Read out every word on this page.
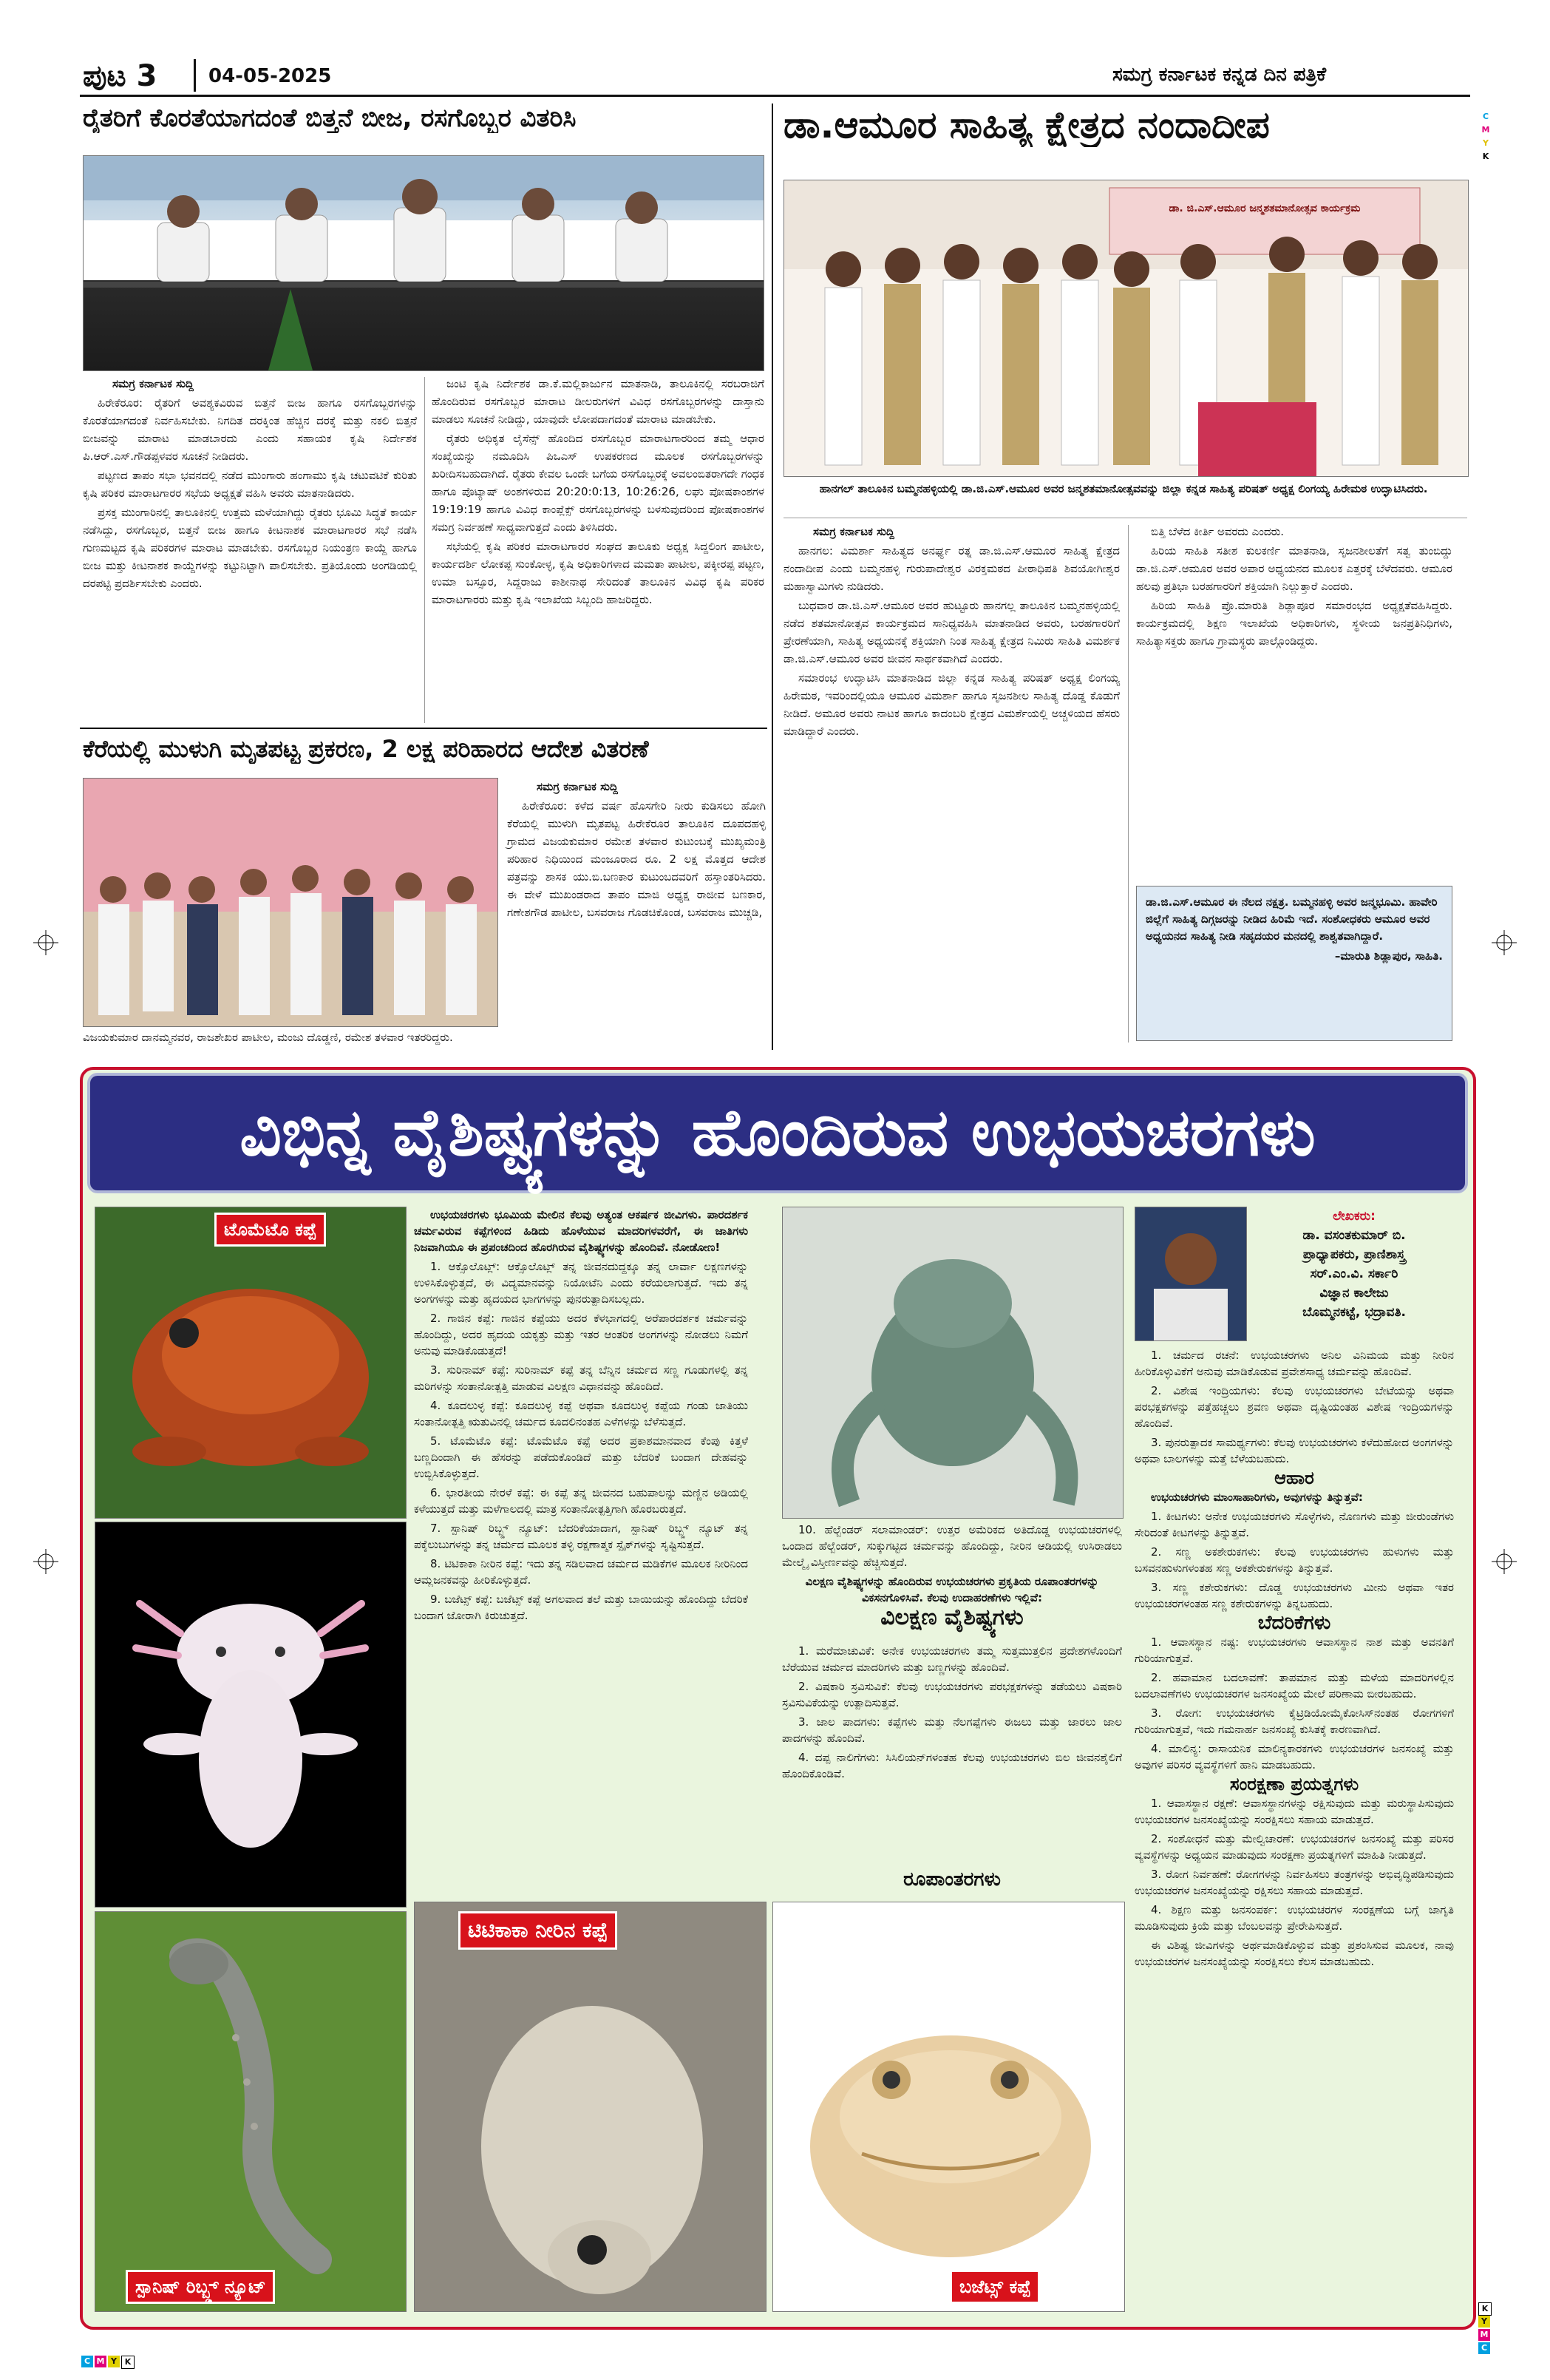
ಪುಟ 3	04-05-2025	ಸಮಗ್ರ ಕರ್ನಾಟಕ ಕನ್ನಡ ದಿನ ಪತ್ರಿಕೆ
ರೈತರಿಗೆ ಕೊರತೆಯಾಗದಂತೆ ಬಿತ್ತನೆ ಬೀಜ, ರಸಗೊಬ್ಬರ ವಿತರಿಸಿ
ಸಮಗ್ರ ಕರ್ನಾಟಕ ಸುದ್ದಿ

ಹಿರೇಕೆರೂರ: ರೈತರಿಗೆ ಅವಶ್ಯಕವಿರುವ ಬಿತ್ತನೆ ಬೀಜ ಹಾಗೂ ರಸಗೊಬ್ಬರಗಳನ್ನು ಕೊರತೆಯಾಗದಂತೆ ನಿರ್ವಹಿಸಬೇಕು. ನಿಗದಿತ ದರಕ್ಕಿಂತ ಹೆಚ್ಚಿನ ದರಕ್ಕೆ ಮತ್ತು ನಕಲಿ ಬಿತ್ತನೆ ಬೀಜವನ್ನು ಮಾರಾಟ ಮಾಡಬಾರದು ಎಂದು ಸಹಾಯಕ ಕೃಷಿ ನಿರ್ದೇಶಕ ಪಿ.ಆರ್.ಎಸ್.ಗೌಡಪ್ಪಳವರ ಸೂಚನೆ ನೀಡಿದರು.

ಪಟ್ಟಣದ ತಾಪಂ ಸಭಾ ಭವನದಲ್ಲಿ ನಡೆದ ಮುಂಗಾರು ಹಂಗಾಮು ಕೃಷಿ ಚಟುವಟಿಕೆ ಕುರಿತು ಕೃಷಿ ಪರಿಕರ ಮಾರಾಟಗಾರರ ಸಭೆಯ ಅಧ್ಯಕ್ಷತೆ ವಹಿಸಿ ಅವರು ಮಾತನಾಡಿದರು.

ಪ್ರಸಕ್ತ ಮುಂಗಾರಿನಲ್ಲಿ ತಾಲೂಕಿನಲ್ಲಿ ಉತ್ತಮ ಮಳೆಯಾಗಿದ್ದು ರೈತರು ಭೂಮಿ ಸಿದ್ಧತೆ ಕಾರ್ಯ ನಡೆಸಿದ್ದು, ರಸಗೊಬ್ಬರ, ಬಿತ್ತನೆ ಬೀಜ ಹಾಗೂ ಕೀಟನಾಶಕ ಮಾರಾಟಗಾರರ ಸಭೆ ನಡೆಸಿ ಗುಣಮಟ್ಟದ ಕೃಷಿ ಪರಿಕರಗಳ ಮಾರಾಟ ಮಾಡಬೇಕು. ರಸಗೊಬ್ಬರ ನಿಯಂತ್ರಣ ಕಾಯ್ದೆ ಹಾಗೂ ಬೀಜ ಮತ್ತು ಕೀಟನಾಶಕ ಕಾಯ್ದೆಗಳನ್ನು ಕಟ್ಟುನಿಟ್ಟಾಗಿ ಪಾಲಿಸಬೇಕು. ಪ್ರತಿಯೊಂದು ಅಂಗಡಿಯಲ್ಲಿ ದರಪಟ್ಟಿ ಪ್ರದರ್ಶಿಸಬೇಕು ಎಂದರು.

ಜಂಟಿ ಕೃಷಿ ನಿರ್ದೇಶಕ ಡಾ.ಕೆ.ಮಲ್ಲಿಕಾರ್ಜುನ ಮಾತನಾಡಿ, ತಾಲೂಕಿನಲ್ಲಿ ಸರಬರಾಜಿಗೆ ಹೊಂದಿರುವ ರಸಗೊಬ್ಬರ ಮಾರಾಟ ಡೀಲರುಗಳಿಗೆ ವಿವಿಧ ರಸಗೊಬ್ಬರಗಳನ್ನು ದಾಸ್ತಾನು ಮಾಡಲು ಸೂಚನೆ ನೀಡಿದ್ದು, ಯಾವುದೇ ಲೋಪದಾಗದಂತೆ ಮಾರಾಟ ಮಾಡಬೇಕು.

ರೈತರು ಅಧಿಕೃತ ಲೈಸೆನ್ಸ್ ಹೊಂದಿದ ರಸಗೊಬ್ಬರ ಮಾರಾಟಗಾರರಿಂದ ತಮ್ಮ ಆಧಾರ ಸಂಖ್ಯೆಯನ್ನು ನಮೂದಿಸಿ ಪಿಒಎಸ್ ಉಪಕರಣದ ಮೂಲಕ ರಸಗೊಬ್ಬರಗಳನ್ನು ಖರೀದಿಸಬಹುದಾಗಿದೆ. ರೈತರು ಕೇವಲ ಒಂದೇ ಬಗೆಯ ರಸಗೊಬ್ಬರಕ್ಕೆ ಅವಲಂಬಿತರಾಗದೇ ಗಂಧಕ ಹಾಗೂ ಪೊಟ್ಯಾಷ್ ಅಂಶಗಳಿರುವ 20:20:0:13, 10:26:26, ಲಘು ಪೋಷಕಾಂಶಗಳ 19:19:19 ಹಾಗೂ ವಿವಿಧ ಕಾಂಪ್ಲೆಕ್ಸ್ ರಸಗೊಬ್ಬರಗಳನ್ನು ಬಳಸುವುದರಿಂದ ಪೋಷಕಾಂಶಗಳ ಸಮಗ್ರ ನಿರ್ವಹಣೆ ಸಾಧ್ಯವಾಗುತ್ತದೆ ಎಂದು ತಿಳಿಸಿದರು.

ಸಭೆಯಲ್ಲಿ ಕೃಷಿ ಪರಿಕರ ಮಾರಾಟಗಾರರ ಸಂಘದ ತಾಲೂಕು ಅಧ್ಯಕ್ಷ ಸಿದ್ದಲಿಂಗ ಪಾಟೀಲ, ಕಾರ್ಯದರ್ಶಿ ಲೋಕಪ್ಪ ಸುಂಕೋಳ್ಳ, ಕೃಷಿ ಅಧಿಕಾರಿಗಳಾದ ಮಮತಾ ಪಾಟೀಲ, ಪಕ್ಕೀರಪ್ಪ ಪಟ್ಟಣ, ಉಮಾ ಬಸ್ಸೂರ, ಸಿದ್ದರಾಜು ಕಾಶೀನಾಥ ಸೇರಿದಂತೆ ತಾಲೂಕಿನ ವಿವಿಧ ಕೃಷಿ ಪರಿಕರ ಮಾರಾಟಗಾರರು ಮತ್ತು ಕೃಷಿ ಇಲಾಖೆಯ ಸಿಬ್ಬಂದಿ ಹಾಜರಿದ್ದರು.

ಕೆರೆಯಲ್ಲಿ ಮುಳುಗಿ ಮೃತಪಟ್ಟ ಪ್ರಕರಣ, 2 ಲಕ್ಷ ಪರಿಹಾರದ ಆದೇಶ ವಿತರಣೆ
ಸಮಗ್ರ ಕರ್ನಾಟಕ ಸುದ್ದಿ

ಹಿರೇಕೆರೂರ: ಕಳೆದ ವರ್ಷ ಹೊಸಗೇರಿ ನೀರು ಕುಡಿಸಲು ಹೋಗಿ ಕೆರೆಯಲ್ಲಿ ಮುಳುಗಿ ಮೃತಪಟ್ಟ ಹಿರೇಕೆರೂರ ತಾಲೂಕಿನ ದೂಪದಹಳ್ಳಿ ಗ್ರಾಮದ ವಿಜಯಕುಮಾರ ರಮೇಶ ತಳವಾರ ಕುಟುಂಬಕ್ಕೆ ಮುಖ್ಯಮಂತ್ರಿ ಪರಿಹಾರ ನಿಧಿಯಿಂದ ಮಂಜೂರಾದ ರೂ. 2 ಲಕ್ಷ ಮೊತ್ತದ ಆದೇಶ ಪತ್ರವನ್ನು ಶಾಸಕ ಯು.ಬಿ.ಬಣಕಾರ ಕುಟುಂಬದವರಿಗೆ ಹಸ್ತಾಂತರಿಸಿದರು. ಈ ವೇಳೆ ಮುಖಂಡರಾದ ತಾಪಂ ಮಾಜಿ ಅಧ್ಯಕ್ಷ ರಾಜೀವ ಬಣಕಾರ, ಗಣೇಶಗೌಡ ಪಾಟೀಲ, ಬಸವರಾಜ ಗೊಡಚಿಕೊಂಡ, ಬಸವರಾಜ ಮುಚ್ಚಡಿ,

ವಿಜಯಕುಮಾರ ದಾನಮ್ಮನವರ, ರಾಜಶೇಖರ ಪಾಟೀಲ, ಮಂಜು ದೊಡ್ಡಣಿ, ರಮೇಶ ತಳವಾರ ಇತರರಿದ್ದರು.
ಡಾ.ಆಮೂರ ಸಾಹಿತ್ಯ ಕ್ಷೇತ್ರದ ನಂದಾದೀಪ
ಡಾ. ಜಿ.ಎಸ್.ಆಮೂರ ಜನ್ಮಶತಮಾನೋತ್ಸವ ಕಾರ್ಯಕ್ರಮ
ಹಾನಗಲ್ ತಾಲೂಕಿನ ಬಮ್ಮನಹಳ್ಳಿಯಲ್ಲಿ ಡಾ.ಜಿ.ಎಸ್.ಆಮೂರ ಅವರ ಜನ್ಮಶತಮಾನೋತ್ಸವವನ್ನು ಜಿಲ್ಲಾ ಕನ್ನಡ ಸಾಹಿತ್ಯ ಪರಿಷತ್ ಅಧ್ಯಕ್ಷ ಲಿಂಗಯ್ಯ ಹಿರೇಮಠ ಉದ್ಘಾಟಿಸಿದರು.
ಸಮಗ್ರ ಕರ್ನಾಟಕ ಸುದ್ದಿ

ಹಾನಗಲ: ವಿಮರ್ಶಾ ಸಾಹಿತ್ಯದ ಅನರ್ಘ್ಯ ರತ್ನ ಡಾ.ಜಿ.ಎಸ್.ಆಮೂರ ಸಾಹಿತ್ಯ ಕ್ಷೇತ್ರದ ನಂದಾದೀಪ ಎಂದು ಬಮ್ಮನಹಳ್ಳಿ ಗುರುಪಾದೇಶ್ವರ ವಿರಕ್ತಮಠದ ಪೀಠಾಧಿಪತಿ ಶಿವಯೋಗೀಶ್ವರ ಮಹಾಸ್ವಾಮಿಗಳು ನುಡಿದರು.

ಬುಧವಾರ ಡಾ.ಜಿ.ಎಸ್.ಆಮೂರ ಅವರ ಹುಟ್ಟೂರು ಹಾನಗಲ್ಲ ತಾಲೂಕಿನ ಬಮ್ಮನಹಳ್ಳಿಯಲ್ಲಿ ನಡೆದ ಶತಮಾನೋತ್ಸವ ಕಾರ್ಯಕ್ರಮದ ಸಾನಿಧ್ಯವಹಿಸಿ ಮಾತನಾಡಿದ ಅವರು, ಬರಹಗಾರರಿಗೆ ಪ್ರೇರಣೆಯಾಗಿ, ಸಾಹಿತ್ಯ ಅಧ್ಯಯನಕ್ಕೆ ಶಕ್ತಿಯಾಗಿ ನಿಂತ ಸಾಹಿತ್ಯ ಕ್ಷೇತ್ರದ ನಿಮಿರು ಸಾಹಿತಿ ವಿಮರ್ಶಕ ಡಾ.ಜಿ.ಎಸ್.ಆಮೂರ ಅವರ ಜೀವನ ಸಾರ್ಥಕವಾಗಿದೆ ಎಂದರು.

ಸಮಾರಂಭ ಉದ್ಘಾಟಿಸಿ ಮಾತನಾಡಿದ ಜಿಲ್ಲಾ ಕನ್ನಡ ಸಾಹಿತ್ಯ ಪರಿಷತ್ ಅಧ್ಯಕ್ಷ ಲಿಂಗಯ್ಯ ಹಿರೇಮಠ, ಇವರಿಂದಲ್ಲಿಯೂ ಆಮೂರ ವಿಮರ್ಶಾ ಹಾಗೂ ಸೃಜನಶೀಲ ಸಾಹಿತ್ಯ ದೊಡ್ಡ ಕೊಡುಗೆ ನೀಡಿದೆ. ಅಮೂರ ಅವರು ನಾಟಕ ಹಾಗೂ ಕಾದಂಬರಿ ಕ್ಷೇತ್ರದ ವಿಮರ್ಶೆಯಲ್ಲಿ ಅಚ್ಚಳಿಯದ ಹೆಸರು ಮಾಡಿದ್ದಾರೆ ಎಂದರು.

ಬಿತ್ತಿ ಬೆಳೆದ ಕೀರ್ತಿ ಅವರದು ಎಂದರು.

ಹಿರಿಯ ಸಾಹಿತಿ ಸತೀಶ ಕುಲಕರ್ಣಿ ಮಾತನಾಡಿ, ಸೃಜನಶೀಲತೆಗೆ ಸತ್ವ ತುಂಬಿದ್ದು ಡಾ.ಜಿ.ಎಸ್.ಆಮೂರ ಅವರ ಅಪಾರ ಅಧ್ಯಯನದ ಮೂಲಕ ಎತ್ತರಕ್ಕೆ ಬೆಳೆದವರು. ಆಮೂರ ಹಲವು ಪ್ರತಿಭಾ ಬರಹಗಾರರಿಗೆ ಶಕ್ತಿಯಾಗಿ ನಿಲ್ಲುತ್ತಾರೆ ಎಂದರು.

ಹಿರಿಯ ಸಾಹಿತಿ ಪ್ರೊ.ಮಾರುತಿ ಶಿಡ್ಲಾಪೂರ ಸಮಾರಂಭದ ಅಧ್ಯಕ್ಷತೆವಹಿಸಿದ್ದರು. ಕಾರ್ಯಕ್ರಮದಲ್ಲಿ ಶಿಕ್ಷಣ ಇಲಾಖೆಯ ಅಧಿಕಾರಿಗಳು, ಸ್ಥಳೀಯ ಜನಪ್ರತಿನಿಧಿಗಳು, ಸಾಹಿತ್ಯಾಸಕ್ತರು ಹಾಗೂ ಗ್ರಾಮಸ್ಥರು ಪಾಲ್ಗೊಂಡಿದ್ದರು.

ಡಾ.ಜಿ.ಎಸ್.ಆಮೂರ ಈ ನೆಲದ ನಕ್ಷತ್ರ. ಬಮ್ಮನಹಳ್ಳಿ ಅವರ ಜನ್ಮಭೂಮಿ. ಹಾವೇರಿ ಜಿಲ್ಲೆಗೆ ಸಾಹಿತ್ಯ ದಿಗ್ಗಜರನ್ನು ನೀಡಿದ ಹಿರಿಮೆ ಇದೆ. ಸಂಶೋಧಕರು ಆಮೂರ ಅವರ ಅಧ್ಯಯನದ ಸಾಹಿತ್ಯ ನೀಡಿ ಸಹೃದಯರ ಮನದಲ್ಲಿ ಶಾಶ್ವತವಾಗಿದ್ದಾರೆ.
–ಮಾರುತಿ ಶಿಡ್ಲಾಪುರ, ಸಾಹಿತಿ.
ವಿಭಿನ್ನ ವೈಶಿಷ್ಟ್ಯಗಳನ್ನು ಹೊಂದಿರುವ ಉಭಯಚರಗಳು
ಟೊಮೆಟೊ ಕಪ್ಪೆ
ಸ್ಪಾನಿಷ್ ರಿಬ್ಬ್ಡ್ ನ್ಯೂಟ್

ಉಭಯಚರಗಳು ಭೂಮಿಯ ಮೇಲಿನ ಕೆಲವು ಅತ್ಯಂತ ಆಕರ್ಷಕ ಜೀವಿಗಳು. ಪಾರದರ್ಶಕ ಚರ್ಮವಿರುವ ಕಪ್ಪೆಗಳಿಂದ ಹಿಡಿದು ಹೊಳೆಯುವ ಮಾದರಿಗಳವರೆಗೆ, ಈ ಜಾತಿಗಳು ನಿಜವಾಗಿಯೂ ಈ ಪ್ರಪಂಚದಿಂದ ಹೊರಗಿರುವ ವೈಶಿಷ್ಟ್ಯಗಳನ್ನು ಹೊಂದಿವೆ. ನೋಡೋಣ!

1. ಆಕ್ಸೊಲೊಟ್ಲ್: ಆಕ್ಸೊಲೊಟ್ಲ್ ತನ್ನ ಜೀವನದುದ್ದಕ್ಕೂ ತನ್ನ ಲಾರ್ವಾ ಲಕ್ಷಣಗಳನ್ನು ಉಳಿಸಿಕೊಳ್ಳುತ್ತದೆ, ಈ ವಿದ್ಯಮಾನವನ್ನು ನಿಯೋಟೆನಿ ಎಂದು ಕರೆಯಲಾಗುತ್ತದೆ. ಇದು ತನ್ನ ಅಂಗಗಳನ್ನು ಮತ್ತು ಹೃದಯದ ಭಾಗಗಳನ್ನು ಪುನರುತ್ಪಾದಿಸಬಲ್ಲದು.

2. ಗಾಜಿನ ಕಪ್ಪೆ: ಗಾಜಿನ ಕಪ್ಪೆಯು ಅದರ ಕೆಳಭಾಗದಲ್ಲಿ ಅರೆಪಾರದರ್ಶಕ ಚರ್ಮವನ್ನು ಹೊಂದಿದ್ದು, ಅದರ ಹೃದಯ ಯಕೃತ್ತು ಮತ್ತು ಇತರ ಆಂತರಿಕ ಅಂಗಗಳನ್ನು ನೋಡಲು ನಿಮಗೆ ಅನುವು ಮಾಡಿಕೊಡುತ್ತದೆ!

3. ಸುರಿನಾಮ್ ಕಪ್ಪೆ: ಸುರಿನಾಮ್ ಕಪ್ಪೆ ತನ್ನ ಬೆನ್ನಿನ ಚರ್ಮದ ಸಣ್ಣ ಗೂಡುಗಳಲ್ಲಿ ತನ್ನ ಮರಿಗಳನ್ನು ಸಂತಾನೋತ್ಪತ್ತಿ ಮಾಡುವ ವಿಲಕ್ಷಣ ವಿಧಾನವನ್ನು ಹೊಂದಿದೆ.

4. ಕೂದಲುಳ್ಳ ಕಪ್ಪೆ: ಕೂದಲುಳ್ಳ ಕಪ್ಪೆ ಅಥವಾ ಕೂದಲುಳ್ಳ ಕಪ್ಪೆಯ ಗಂಡು ಜಾತಿಯು ಸಂತಾನೋತ್ಪತ್ತಿ ಋತುವಿನಲ್ಲಿ ಚರ್ಮದ ಕೂದಲಿನಂತಹ ಎಳೆಗಳನ್ನು ಬೆಳೆಸುತ್ತದೆ.

5. ಟೊಮೆಟೊ ಕಪ್ಪೆ: ಟೊಮೆಟೊ ಕಪ್ಪೆ ಅದರ ಪ್ರಕಾಶಮಾನವಾದ ಕೆಂಪು ಕಿತ್ತಳೆ ಬಣ್ಣದಿಂದಾಗಿ ಈ ಹೆಸರನ್ನು ಪಡೆದುಕೊಂಡಿದೆ ಮತ್ತು ಬೆದರಿಕೆ ಬಂದಾಗ ದೇಹವನ್ನು ಉಬ್ಬಿಸಿಕೊಳ್ಳುತ್ತದೆ.

6. ಭಾರತೀಯ ನೇರಳೆ ಕಪ್ಪೆ: ಈ ಕಪ್ಪೆ ತನ್ನ ಜೀವನದ ಬಹುಪಾಲನ್ನು ಮಣ್ಣಿನ ಅಡಿಯಲ್ಲಿ ಕಳೆಯುತ್ತದೆ ಮತ್ತು ಮಳೆಗಾಲದಲ್ಲಿ ಮಾತ್ರ ಸಂತಾನೋತ್ಪತ್ತಿಗಾಗಿ ಹೊರಬರುತ್ತದೆ.

7. ಸ್ಪಾನಿಷ್ ರಿಬ್ಬ್ಡ್ ನ್ಯೂಟ್: ಬೆದರಿಕೆಯಾದಾಗ, ಸ್ಪಾನಿಷ್ ರಿಬ್ಬ್ಡ್ ನ್ಯೂಟ್ ತನ್ನ ಪಕ್ಕೆಲುಬುಗಳನ್ನು ತನ್ನ ಚರ್ಮದ ಮೂಲಕ ತಳ್ಳಿ ರಕ್ಷಣಾತ್ಮಕ ಸ್ಪೈಕ್‌ಗಳನ್ನು ಸೃಷ್ಟಿಸುತ್ತದೆ.

8. ಟಿಟಿಕಾಕಾ ನೀರಿನ ಕಪ್ಪೆ: ಇದು ತನ್ನ ಸಡಿಲವಾದ ಚರ್ಮದ ಮಡಿಕೆಗಳ ಮೂಲಕ ನೀರಿನಿಂದ ಆಮ್ಲಜನಕವನ್ನು ಹೀರಿಕೊಳ್ಳುತ್ತದೆ.

9. ಬಜೆಟ್ಸ್ ಕಪ್ಪೆ: ಬಜೆಟ್ಸ್ ಕಪ್ಪೆ ಅಗಲವಾದ ತಲೆ ಮತ್ತು ಬಾಯಿಯನ್ನು ಹೊಂದಿದ್ದು ಬೆದರಿಕೆ ಬಂದಾಗ ಜೋರಾಗಿ ಕಿರುಚುತ್ತದೆ.

10. ಹೆಲ್ಬೆಂಡರ್ ಸಲಾಮಾಂಡರ್: ಉತ್ತರ ಅಮೆರಿಕದ ಅತಿದೊಡ್ಡ ಉಭಯಚರಗಳಲ್ಲಿ ಒಂದಾದ ಹೆಲ್ಬೆಂಡರ್, ಸುಕ್ಕುಗಟ್ಟಿದ ಚರ್ಮವನ್ನು ಹೊಂದಿದ್ದು, ನೀರಿನ ಆಡಿಯಲ್ಲಿ ಉಸಿರಾಡಲು ಮೇಲ್ಮೈ ವಿಸ್ತೀರ್ಣವನ್ನು ಹೆಚ್ಚಿಸುತ್ತದೆ.

ವಿಲಕ್ಷಣ ವೈಶಿಷ್ಟ್ಯಗಳನ್ನು ಹೊಂದಿರುವ ಉಭಯಚರಗಳು ಪ್ರಕೃತಿಯ ರೂಪಾಂತರಗಳನ್ನು ವಿಕಸನಗೊಳಿಸಿವೆ. ಕೆಲವು ಉದಾಹರಣೆಗಳು ಇಲ್ಲಿವೆ:

ವಿಲಕ್ಷಣ ವೈಶಿಷ್ಟ್ಯಗಳು

1. ಮರೆಮಾಚುವಿಕೆ: ಅನೇಕ ಉಭಯಚರಗಳು ತಮ್ಮ ಸುತ್ತಮುತ್ತಲಿನ ಪ್ರದೇಶಗಳೊಂದಿಗೆ ಬೆರೆಯುವ ಚರ್ಮದ ಮಾದರಿಗಳು ಮತ್ತು ಬಣ್ಣಗಳನ್ನು ಹೊಂದಿವೆ.

2. ವಿಷಕಾರಿ ಸ್ರವಿಸುವಿಕೆ: ಕೆಲವು ಉಭಯಚರಗಳು ಪರಭಕ್ಷಕಗಳನ್ನು ತಡೆಯಲು ವಿಷಕಾರಿ ಸ್ರವಿಸುವಿಕೆಯನ್ನು ಉತ್ಪಾದಿಸುತ್ತವೆ.

3. ಜಾಲ ಪಾದಗಳು: ಕಪ್ಪೆಗಳು ಮತ್ತು ನೆಲಗಪ್ಪೆಗಳು ಈಜಲು ಮತ್ತು ಜಾರಲು ಜಾಲ ಪಾದಗಳನ್ನು ಹೊಂದಿವೆ.

4. ದಪ್ಪ ನಾಲಿಗೆಗಳು: ಸಿಸಿಲಿಯನ್‌ಗಳಂತಹ ಕೆಲವು ಉಭಯಚರಗಳು ಬಿಲ ಜೀವನಶೈಲಿಗೆ ಹೊಂದಿಕೊಂಡಿವೆ.

ರೂಪಾಂತರಗಳು
ಟಿಟಿಕಾಕಾ ನೀರಿನ ಕಪ್ಪೆ
ಬಜೆಟ್ಸ್ ಕಪ್ಪೆ
ಲೇಖಕರು:
ಡಾ. ವಸಂತಕುಮಾರ್ ಬಿ.
ಪ್ರಾಧ್ಯಾಪಕರು, ಪ್ರಾಣಿಶಾಸ್ತ್ರ
ಸರ್.ಎಂ.ವಿ. ಸರ್ಕಾರಿ
ವಿಜ್ಞಾನ ಕಾಲೇಜು
ಬೊಮ್ಮನಕಟ್ಟೆ, ಭದ್ರಾವತಿ.

1. ಚರ್ಮದ ರಚನೆ: ಉಭಯಚರಗಳು ಅನಿಲ ವಿನಿಮಯ ಮತ್ತು ನೀರಿನ ಹೀರಿಕೊಳ್ಳುವಿಕೆಗೆ ಅನುವು ಮಾಡಿಕೊಡುವ ಪ್ರವೇಶಸಾಧ್ಯ ಚರ್ಮವನ್ನು ಹೊಂದಿವೆ.

2. ವಿಶೇಷ ಇಂದ್ರಿಯಗಳು: ಕೆಲವು ಉಭಯಚರಗಳು ಬೇಟೆಯನ್ನು ಅಥವಾ ಪರಭಕ್ಷಕಗಳನ್ನು ಪತ್ತೆಹಚ್ಚಲು ಶ್ರವಣ ಅಥವಾ ದೃಷ್ಟಿಯಂತಹ ವಿಶೇಷ ಇಂದ್ರಿಯಗಳನ್ನು ಹೊಂದಿವೆ.

3. ಪುನರುತ್ಪಾದಕ ಸಾಮರ್ಥ್ಯಗಳು: ಕೆಲವು ಉಭಯಚರಗಳು ಕಳೆದುಹೋದ ಅಂಗಗಳನ್ನು ಅಥವಾ ಬಾಲಗಳನ್ನು ಮತ್ತೆ ಬೆಳೆಯಬಹುದು.

ಆಹಾರ

ಉಭಯಚರಗಳು ಮಾಂಸಾಹಾರಿಗಳು, ಅವುಗಳನ್ನು ತಿನ್ನುತ್ತವೆ:

1. ಕೀಟಗಳು: ಅನೇಕ ಉಭಯಚರಗಳು ಸೊಳ್ಳೆಗಳು, ನೊಣಗಳು ಮತ್ತು ಜೀರುಂಡೆಗಳು ಸೇರಿದಂತೆ ಕೀಟಗಳನ್ನು ತಿನ್ನುತ್ತವೆ.

2. ಸಣ್ಣ ಅಕಶೇರುಕಗಳು: ಕೆಲವು ಉಭಯಚರಗಳು ಹುಳುಗಳು ಮತ್ತು ಬಸವನಹುಳುಗಳಂತಹ ಸಣ್ಣ ಅಕಶೇರುಕಗಳನ್ನು ತಿನ್ನುತ್ತವೆ.

3. ಸಣ್ಣ ಕಶೇರುಕಗಳು: ದೊಡ್ಡ ಉಭಯಚರಗಳು ಮೀನು ಅಥವಾ ಇತರ ಉಭಯಚರಗಳಂತಹ ಸಣ್ಣ ಕಶೇರುಕಗಳನ್ನು ತಿನ್ನಬಹುದು.

ಬೆದರಿಕೆಗಳು

1. ಆವಾಸಸ್ಥಾನ ನಷ್ಟ: ಉಭಯಚರಗಳು ಆವಾಸಸ್ಥಾನ ನಾಶ ಮತ್ತು ಅವನತಿಗೆ ಗುರಿಯಾಗುತ್ತವೆ.

2. ಹವಾಮಾನ ಬದಲಾವಣೆ: ತಾಪಮಾನ ಮತ್ತು ಮಳೆಯ ಮಾದರಿಗಳಲ್ಲಿನ ಬದಲಾವಣೆಗಳು ಉಭಯಚರಗಳ ಜನಸಂಖ್ಯೆಯ ಮೇಲೆ ಪರಿಣಾಮ ಬೀರಬಹುದು.

3. ರೋಗ: ಉಭಯಚರಗಳು ಕೈಟ್ರಿಡಿಯೋಮೈಕೋಸಿಸ್‌ನಂತಹ ರೋಗಗಳಿಗೆ ಗುರಿಯಾಗುತ್ತವೆ, ಇದು ಗಮನಾರ್ಹ ಜನಸಂಖ್ಯೆ ಕುಸಿತಕ್ಕೆ ಕಾರಣವಾಗಿದೆ.

4. ಮಾಲಿನ್ಯ: ರಾಸಾಯನಿಕ ಮಾಲಿನ್ಯಕಾರಕಗಳು ಉಭಯಚರಗಳ ಜನಸಂಖ್ಯೆ ಮತ್ತು ಅವುಗಳ ಪರಿಸರ ವ್ಯವಸ್ಥೆಗಳಿಗೆ ಹಾನಿ ಮಾಡಬಹುದು.

ಸಂರಕ್ಷಣಾ ಪ್ರಯತ್ನಗಳು

1. ಆವಾಸಸ್ಥಾನ ರಕ್ಷಣೆ: ಆವಾಸಸ್ಥಾನಗಳನ್ನು ರಕ್ಷಿಸುವುದು ಮತ್ತು ಮರುಸ್ಥಾಪಿಸುವುದು ಉಭಯಚರಗಳ ಜನಸಂಖ್ಯೆಯನ್ನು ಸಂರಕ್ಷಿಸಲು ಸಹಾಯ ಮಾಡುತ್ತದೆ.

2. ಸಂಶೋಧನೆ ಮತ್ತು ಮೇಲ್ವಿಚಾರಣೆ: ಉಭಯಚರಗಳ ಜನಸಂಖ್ಯೆ ಮತ್ತು ಪರಿಸರ ವ್ಯವಸ್ಥೆಗಳನ್ನು ಅಧ್ಯಯನ ಮಾಡುವುದು ಸಂರಕ್ಷಣಾ ಪ್ರಯತ್ನಗಳಿಗೆ ಮಾಹಿತಿ ನೀಡುತ್ತದೆ.

3. ರೋಗ ನಿರ್ವಹಣೆ: ರೋಗಗಳನ್ನು ನಿರ್ವಹಿಸಲು ತಂತ್ರಗಳನ್ನು ಅಭಿವೃದ್ಧಿಪಡಿಸುವುದು ಉಭಯಚರಗಳ ಜನಸಂಖ್ಯೆಯನ್ನು ರಕ್ಷಿಸಲು ಸಹಾಯ ಮಾಡುತ್ತದೆ.

4. ಶಿಕ್ಷಣ ಮತ್ತು ಜನಸಂಪರ್ಕ: ಉಭಯಚರಗಳ ಸಂರಕ್ಷಣೆಯ ಬಗ್ಗೆ ಜಾಗೃತಿ ಮೂಡಿಸುವುದು ಕ್ರಿಯೆ ಮತ್ತು ಬೆಂಬಲವನ್ನು ಪ್ರೇರೇಪಿಸುತ್ತದೆ.

ಈ ವಿಶಿಷ್ಟ ಜೀವಿಗಳನ್ನು ಅರ್ಥಮಾಡಿಕೊಳ್ಳುವ ಮತ್ತು ಪ್ರಶಂಸಿಸುವ ಮೂಲಕ, ನಾವು ಉಭಯಚರಗಳ ಜನಸಂಖ್ಯೆಯನ್ನು ಸಂರಕ್ಷಿಸಲು ಕೆಲಸ ಮಾಡಬಹುದು.

C
M
Y
K
K
Y
M
C
C M Y K
